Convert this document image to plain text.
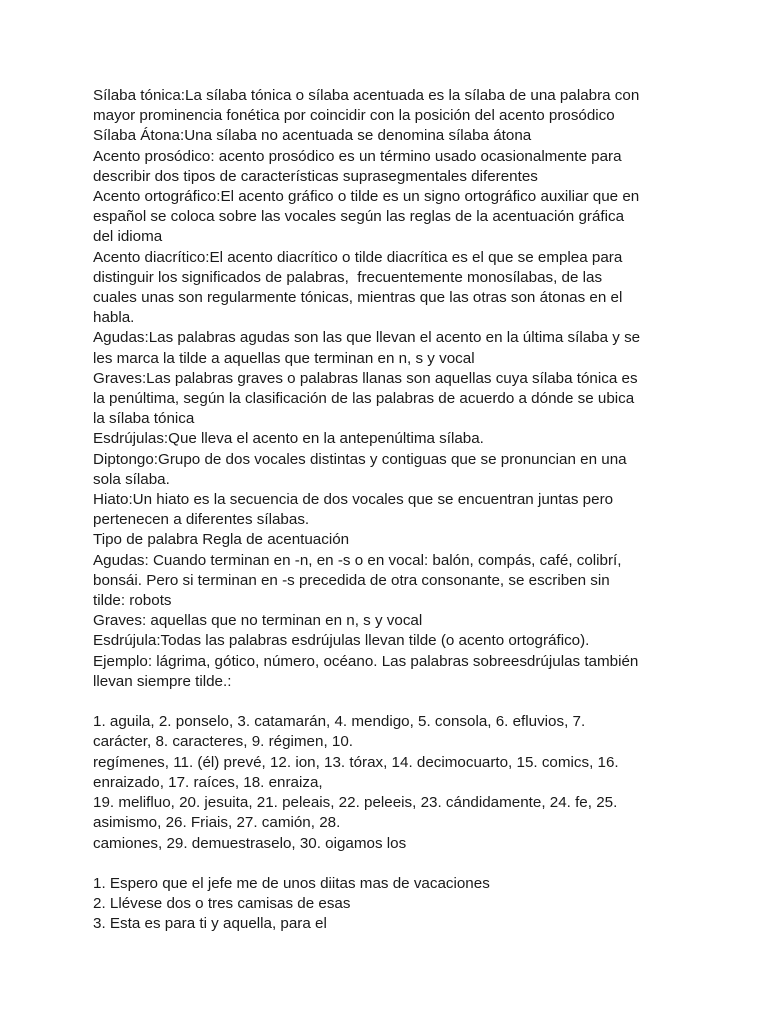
Sílaba tónica:La sílaba tónica o sílaba acentuada es la sílaba de una palabra con
mayor prominencia fonética por coincidir con la posición del acento prosódico
Sílaba Átona:Una sílaba no acentuada se denomina sílaba átona
Acento prosódico: acento prosódico es un término usado ocasionalmente para
describir dos tipos de características suprasegmentales diferentes
Acento ortográfico:El acento gráfico o tilde es un signo ortográfico auxiliar que en
español se coloca sobre las vocales según las reglas de la acentuación gráfica
del idioma
Acento diacrítico:El acento diacrítico o tilde diacrítica es el que se emplea para
distinguir los significados de palabras,  frecuentemente monosílabas, de las
cuales unas son regularmente tónicas, mientras que las otras son átonas en el
habla.
Agudas:Las palabras agudas son las que llevan el acento en la última sílaba y se
les marca la tilde a aquellas que terminan en n, s y vocal
Graves:Las palabras graves o palabras llanas son aquellas cuya sílaba tónica es
la penúltima, según la clasificación de las palabras de acuerdo a dónde se ubica
la sílaba tónica
Esdrújulas:Que lleva el acento en la antepenúltima sílaba.
Diptongo:Grupo de dos vocales distintas y contiguas que se pronuncian en una
sola sílaba.
Hiato:Un hiato es la secuencia de dos vocales que se encuentran juntas pero
pertenecen a diferentes sílabas.
Tipo de palabra Regla de acentuación
Agudas: Cuando terminan en -n, en -s o en vocal: balón, compás, café, colibrí,
bonsái. Pero si terminan en -s precedida de otra consonante, se escriben sin
tilde: robots
Graves: aquellas que no terminan en n, s y vocal
Esdrújula:Todas las palabras esdrújulas llevan tilde (o acento ortográfico).
Ejemplo: lágrima, gótico, número, océano. Las palabras sobreesdrújulas también
llevan siempre tilde.:
1. aguila, 2. ponselo, 3. catamarán, 4. mendigo, 5. consola, 6. efluvios, 7.
carácter, 8. caracteres, 9. régimen, 10.
regímenes, 11. (él) prevé, 12. ion, 13. tórax, 14. decimocuarto, 15. comics, 16.
enraizado, 17. raíces, 18. enraiza,
19. melifluo, 20. jesuita, 21. peleais, 22. peleeis, 23. cándidamente, 24. fe, 25.
asimismo, 26. Friais, 27. camión, 28.
camiones, 29. demuestraselo, 30. oigamos los
1. Espero que el jefe me de unos diitas mas de vacaciones
2. Llévese dos o tres camisas de esas
3. Esta es para ti y aquella, para el
